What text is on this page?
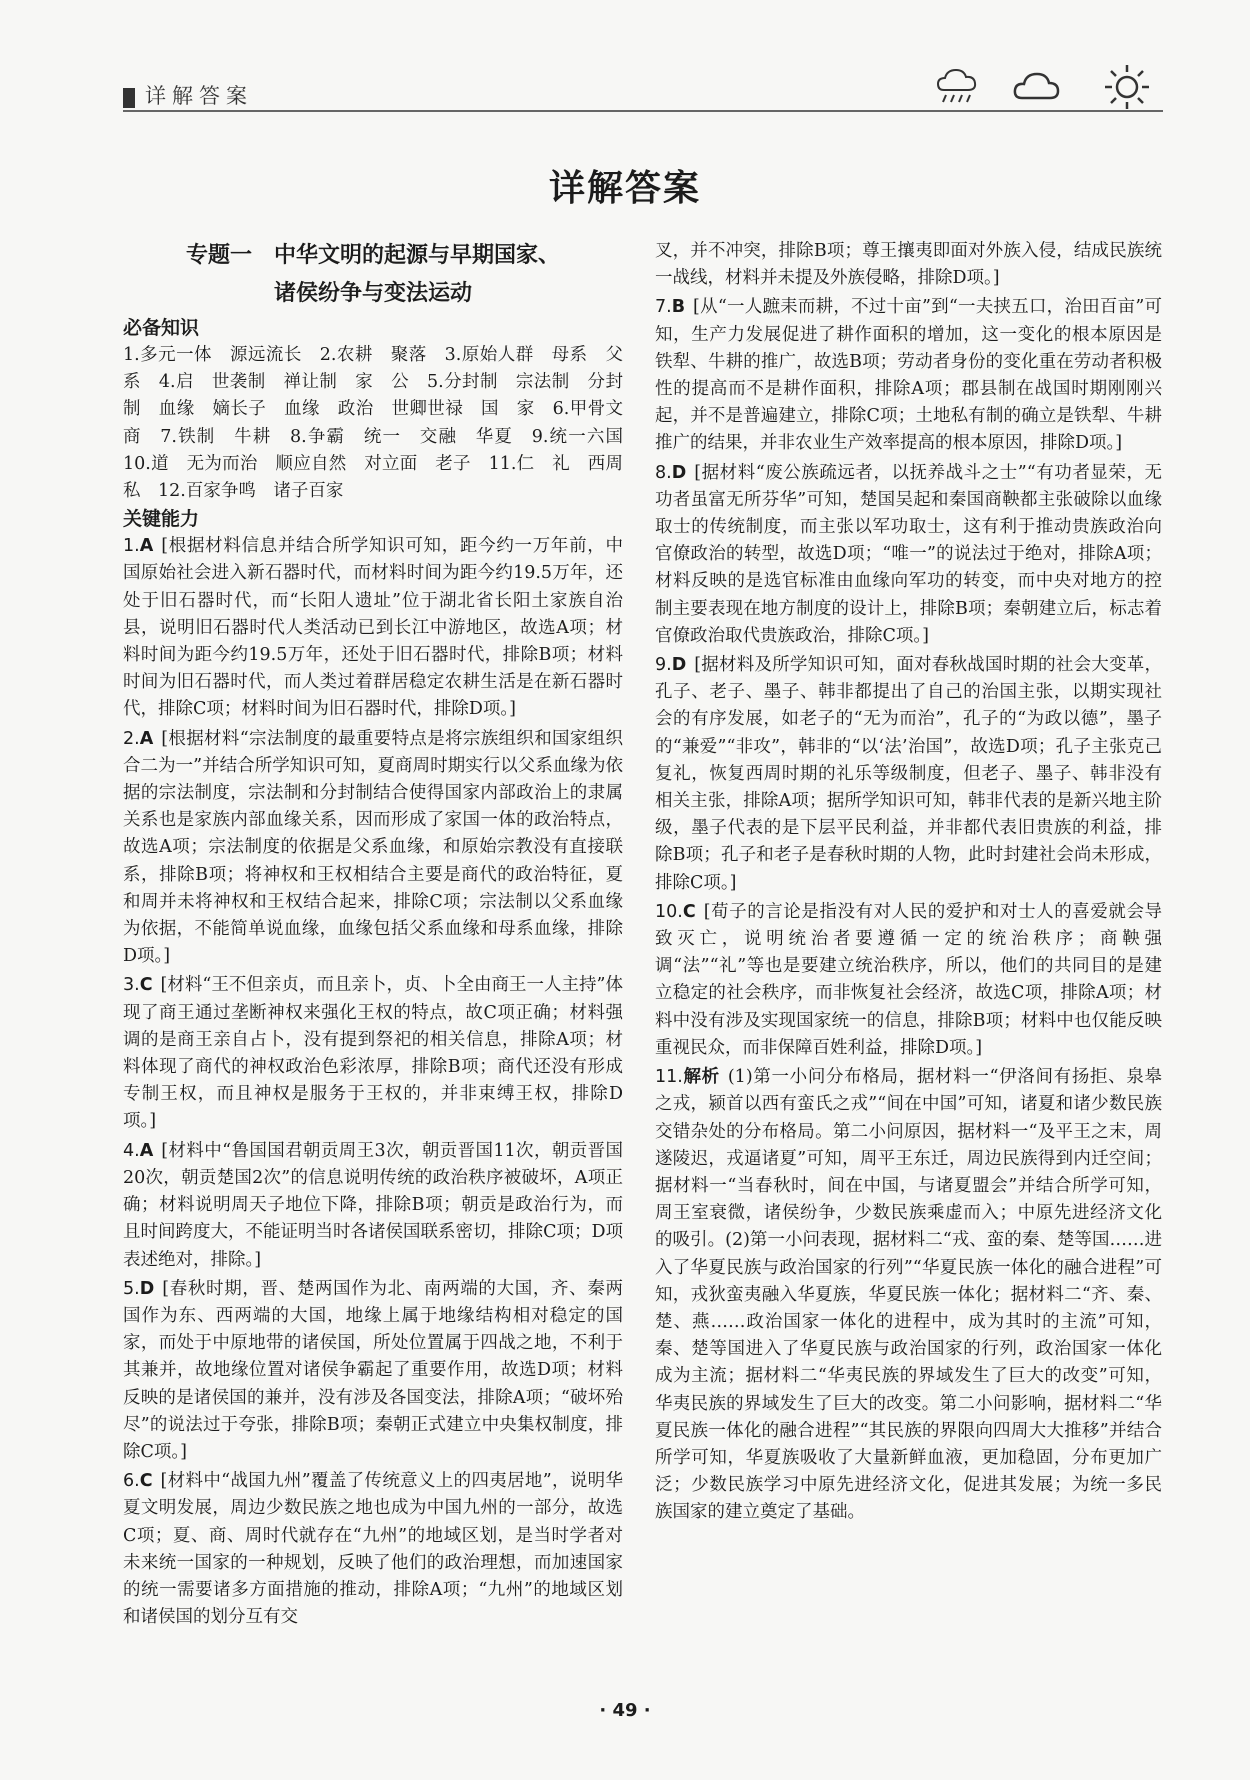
详解答案
详解答案
专题一　中华文明的起源与早期国家、
诸侯纷争与变法运动
必备知识

1.多元一体　源远流长　2.农耕　聚落　3.原始人群　母系　父系　4.启　世袭制　禅让制　家　公　5.分封制　宗法制　分封制　血缘　嫡长子　血缘　政治　世卿世禄　国　家　6.甲骨文　商　7.铁制　牛耕　8.争霸　统一　交融　华夏　9.统一六国　10.道　无为而治　顺应自然　对立面　老子　11.仁　礼　西周　私　12.百家争鸣　诸子百家

关键能力

1.A [根据材料信息并结合所学知识可知，距今约一万年前，中国原始社会进入新石器时代，而材料时间为距今约19.5万年，还处于旧石器时代，而“长阳人遗址”位于湖北省长阳土家族自治县，说明旧石器时代人类活动已到长江中游地区，故选A项；材料时间为距今约19.5万年，还处于旧石器时代，排除B项；材料时间为旧石器时代，而人类过着群居稳定农耕生活是在新石器时代，排除C项；材料时间为旧石器时代，排除D项。]

2.A [根据材料“宗法制度的最重要特点是将宗族组织和国家组织合二为一”并结合所学知识可知，夏商周时期实行以父系血缘为依据的宗法制度，宗法制和分封制结合使得国家内部政治上的隶属关系也是家族内部血缘关系，因而形成了家国一体的政治特点，故选A项；宗法制度的依据是父系血缘，和原始宗教没有直接联系，排除B项；将神权和王权相结合主要是商代的政治特征，夏和周并未将神权和王权结合起来，排除C项；宗法制以父系血缘为依据，不能简单说血缘，血缘包括父系血缘和母系血缘，排除D项。]

3.C [材料“王不但亲贞，而且亲卜，贞、卜全由商王一人主持”体现了商王通过垄断神权来强化王权的特点，故C项正确；材料强调的是商王亲自占卜，没有提到祭祀的相关信息，排除A项；材料体现了商代的神权政治色彩浓厚，排除B项；商代还没有形成专制王权，而且神权是服务于王权的，并非束缚王权，排除D项。]

4.A [材料中“鲁国国君朝贡周王3次，朝贡晋国11次，朝贡晋国20次，朝贡楚国2次”的信息说明传统的政治秩序被破坏，A项正确；材料说明周天子地位下降，排除B项；朝贡是政治行为，而且时间跨度大，不能证明当时各诸侯国联系密切，排除C项；D项表述绝对，排除。]

5.D [春秋时期，晋、楚两国作为北、南两端的大国，齐、秦两国作为东、西两端的大国，地缘上属于地缘结构相对稳定的国家，而处于中原地带的诸侯国，所处位置属于四战之地，不利于其兼并，故地缘位置对诸侯争霸起了重要作用，故选D项；材料反映的是诸侯国的兼并，没有涉及各国变法，排除A项；“破坏殆尽”的说法过于夸张，排除B项；秦朝正式建立中央集权制度，排除C项。]

6.C [材料中“战国九州”覆盖了传统意义上的四夷居地”，说明华夏文明发展，周边少数民族之地也成为中国九州的一部分，故选C项；夏、商、周时代就存在“九州”的地域区划，是当时学者对未来统一国家的一种规划，反映了他们的政治理想，而加速国家的统一需要诸多方面措施的推动，排除A项；“九州”的地域区划和诸侯国的划分互有交

叉，并不冲突，排除B项；尊王攘夷即面对外族入侵，结成民族统一战线，材料并未提及外族侵略，排除D项。]

7.B [从“一人蹠耒而耕，不过十亩”到“一夫挟五口，治田百亩”可知，生产力发展促进了耕作面积的增加，这一变化的根本原因是铁犁、牛耕的推广，故选B项；劳动者身份的变化重在劳动者积极性的提高而不是耕作面积，排除A项；郡县制在战国时期刚刚兴起，并不是普遍建立，排除C项；土地私有制的确立是铁犁、牛耕推广的结果，并非农业生产效率提高的根本原因，排除D项。]

8.D [据材料“废公族疏远者，以抚养战斗之士”“有功者显荣，无功者虽富无所芬华”可知，楚国吴起和秦国商鞅都主张破除以血缘取士的传统制度，而主张以军功取士，这有利于推动贵族政治向官僚政治的转型，故选D项；“唯一”的说法过于绝对，排除A项；材料反映的是选官标准由血缘向军功的转变，而中央对地方的控制主要表现在地方制度的设计上，排除B项；秦朝建立后，标志着官僚政治取代贵族政治，排除C项。]

9.D [据材料及所学知识可知，面对春秋战国时期的社会大变革，孔子、老子、墨子、韩非都提出了自己的治国主张，以期实现社会的有序发展，如老子的“无为而治”，孔子的“为政以德”，墨子的“兼爱”“非攻”，韩非的“以‘法’治国”，故选D项；孔子主张克己复礼，恢复西周时期的礼乐等级制度，但老子、墨子、韩非没有相关主张，排除A项；据所学知识可知，韩非代表的是新兴地主阶级，墨子代表的是下层平民利益，并非都代表旧贵族的利益，排除B项；孔子和老子是春秋时期的人物，此时封建社会尚未形成，排除C项。]

10.C [荀子的言论是指没有对人民的爱护和对士人的喜爱就会导致灭亡，说明统治者要遵循一定的统治秩序；商鞅强调“法”“礼”等也是要建立统治秩序，所以，他们的共同目的是建立稳定的社会秩序，而非恢复社会经济，故选C项，排除A项；材料中没有涉及实现国家统一的信息，排除B项；材料中也仅能反映重视民众，而非保障百姓利益，排除D项。]

11.解析 (1)第一小问分布格局，据材料一“伊洛间有扬拒、泉皋之戎，颍首以西有蛮氏之戎”“间在中国”可知，诸夏和诸少数民族交错杂处的分布格局。第二小问原因，据材料一“及平王之末，周遂陵迟，戎逼诸夏”可知，周平王东迁，周边民族得到内迁空间；据材料一“当春秋时，间在中国，与诸夏盟会”并结合所学可知，周王室衰微，诸侯纷争，少数民族乘虚而入；中原先进经济文化的吸引。(2)第一小问表现，据材料二“戎、蛮的秦、楚等国……进入了华夏民族与政治国家的行列”“华夏民族一体化的融合进程”可知，戎狄蛮夷融入华夏族，华夏民族一体化；据材料二“齐、秦、楚、燕……政治国家一体化的进程中，成为其时的主流”可知，秦、楚等国进入了华夏民族与政治国家的行列，政治国家一体化成为主流；据材料二“华夷民族的界域发生了巨大的改变”可知，华夷民族的界域发生了巨大的改变。第二小问影响，据材料二“华夏民族一体化的融合进程”“其民族的界限向四周大大推移”并结合所学可知，华夏族吸收了大量新鲜血液，更加稳固，分布更加广泛；少数民族学习中原先进经济文化，促进其发展；为统一多民族国家的建立奠定了基础。

· 49 ·
